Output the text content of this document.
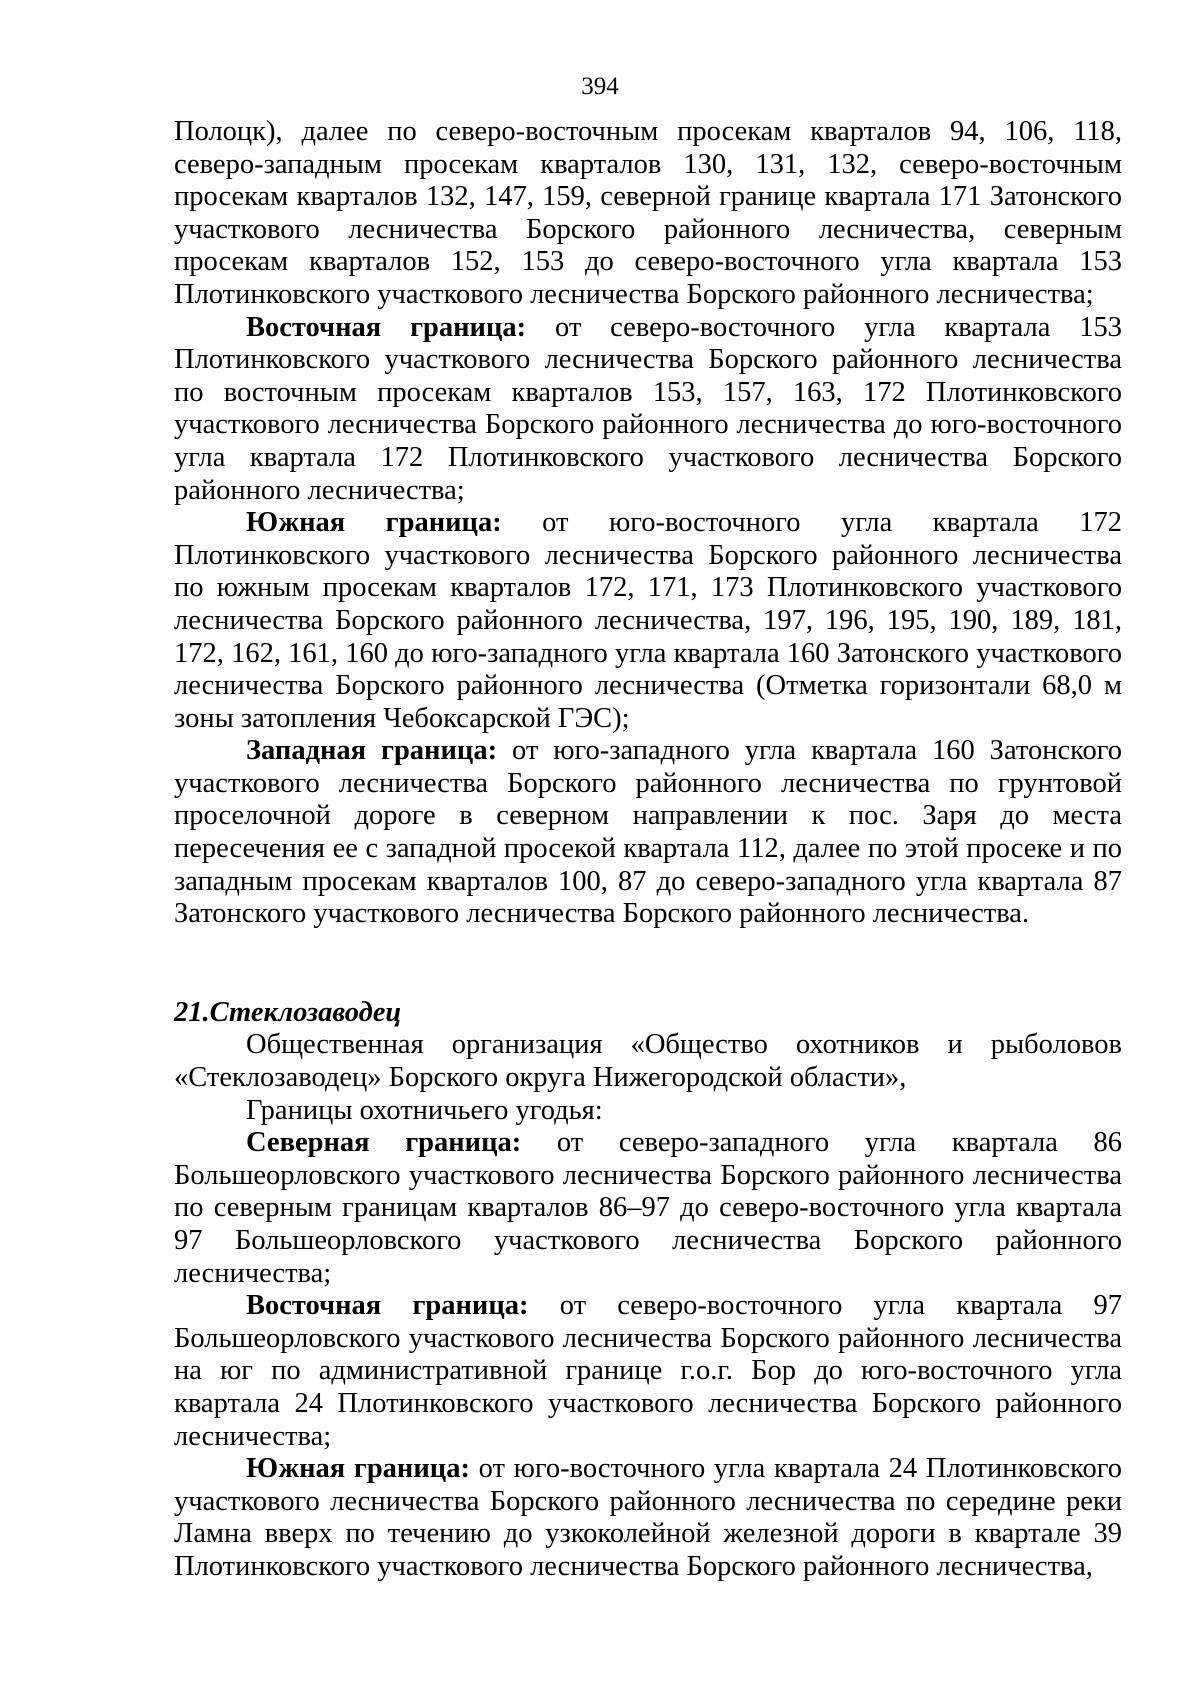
394

Полоцк), далее по северо-восточным просекам кварталов 94, 106, 118, северо-западным просекам кварталов 130, 131, 132, северо-восточным просекам кварталов 132, 147, 159, северной границе квартала 171 Затонского участкового лесничества Борского районного лесничества, северным просекам кварталов 152, 153 до северо-восточного угла квартала 153 Плотинковского участкового лесничества Борского районного лесничества;

Восточная граница: от северо-восточного угла квартала 153 Плотинковского участкового лесничества Борского районного лесничества по восточным просекам кварталов 153, 157, 163, 172 Плотинковского участкового лесничества Борского районного лесничества до юго-восточного угла квартала 172 Плотинковского участкового лесничества Борского районного лесничества;

Южная граница: от юго-восточного угла квартала 172 Плотинковского участкового лесничества Борского районного лесничества по южным просекам кварталов 172, 171, 173 Плотинковского участкового лесничества Борского районного лесничества, 197, 196, 195, 190, 189, 181, 172, 162, 161, 160 до юго-западного угла квартала 160 Затонского участкового лесничества Борского районного лесничества (Отметка горизонтали 68,0 м зоны затопления Чебоксарской ГЭС);

Западная граница: от юго-западного угла квартала 160 Затонского участкового лесничества Борского районного лесничества по грунтовой проселочной дороге в северном направлении к пос. Заря до места пересечения ее с западной просекой квартала 112, далее по этой просеке и по западным просекам кварталов 100, 87 до северо-западного угла квартала 87 Затонского участкового лесничества Борского районного лесничества.

21.Стеклозаводец

Общественная организация «Общество охотников и рыболовов «Стеклозаводец» Борского округа Нижегородской области»,

Границы охотничьего угодья:

Северная граница: от северо-западного угла квартала 86 Большеорловского участкового лесничества Борского районного лесничества по северным границам кварталов 86–97 до северо-восточного угла квартала 97 Большеорловского участкового лесничества Борского районного лесничества;

Восточная граница: от северо-восточного угла квартала 97 Большеорловского участкового лесничества Борского районного лесничества на юг по административной границе г.о.г. Бор до юго-восточного угла квартала 24 Плотинковского участкового лесничества Борского районного лесничества;

Южная граница: от юго-восточного угла квартала 24 Плотинковского участкового лесничества Борского районного лесничества по середине реки Ламна вверх по течению до узкоколейной железной дороги в квартале 39 Плотинковского участкового лесничества Борского районного лесничества,
